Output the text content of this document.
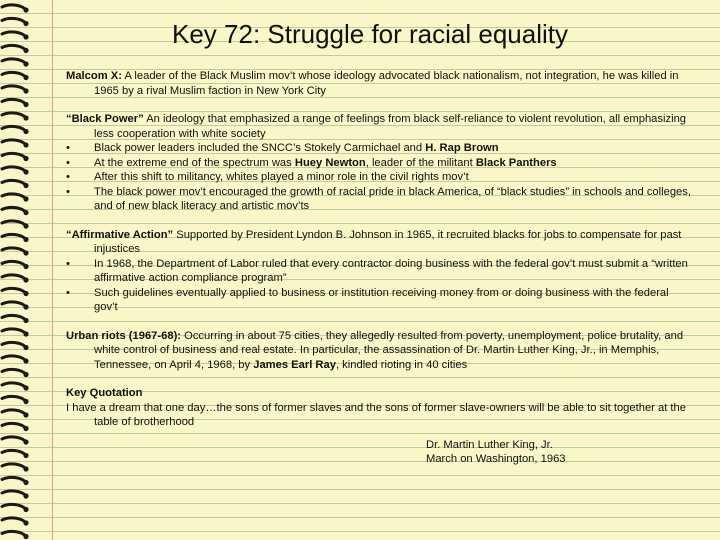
Key 72: Struggle for racial equality
Malcom X: A leader of the Black Muslim mov’t whose ideology advocated black nationalism, not integration, he was killed in 1965 by a rival Muslim faction in New York City
“Black Power” An ideology that emphasized a range of feelings from black self-reliance to violent revolution, all emphasizing less cooperation with white society
• Black power leaders included the SNCC’s Stokely Carmichael and H. Rap Brown
• At the extreme end of the spectrum was Huey Newton, leader of the militant Black Panthers
• After this shift to militancy, whites played a minor role in the civil rights mov’t
• The black power mov’t encouraged the growth of racial pride in black America, of “black studies” in schools and colleges, and of new black literacy and artistic mov’ts
“Affirmative Action” Supported by President Lyndon B. Johnson in 1965, it recruited blacks for jobs to compensate for past injustices
• In 1968, the Department of Labor ruled that every contractor doing business with the federal gov’t must submit a “written affirmative action compliance program”
• Such guidelines eventually applied to business or institution receiving money from or doing business with the federal gov’t
Urban riots (1967-68): Occurring in about 75 cities, they allegedly resulted from poverty, unemployment, police brutality, and white control of business and real estate. In particular, the assassination of Dr. Martin Luther King, Jr., in Memphis, Tennessee, on April 4, 1968, by James Earl Ray, kindled rioting in 40 cities
Key Quotation
I have a dream that one day…the sons of former slaves and the sons of former slave-owners will be able to sit together at the table of brotherhood
Dr. Martin Luther King, Jr.
March on Washington, 1963
